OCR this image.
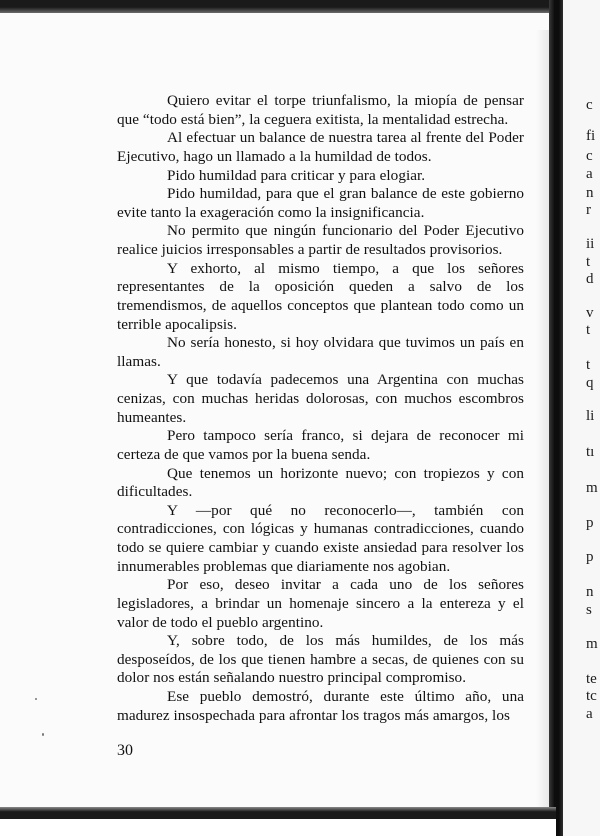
Quiero evitar el torpe triunfalismo, la miopía de pensar que “todo está bien”, la ceguera exitista, la mentalidad estrecha.

Al efectuar un balance de nuestra tarea al frente del Poder Ejecutivo, hago un llamado a la humildad de todos.

Pido humildad para criticar y para elogiar.

Pido humildad, para que el gran balance de este gobierno evite tanto la exageración como la insignificancia.

No permito que ningún funcionario del Poder Ejecutivo realice juicios irresponsables a partir de resultados provisorios.

Y exhorto, al mismo tiempo, a que los señores representantes de la oposición queden a salvo de los tremendismos, de aquellos conceptos que plantean todo como un terrible apocalipsis.

No sería honesto, si hoy olvidara que tuvimos un país en llamas.

Y que todavía padecemos una Argentina con muchas cenizas, con muchas heridas dolorosas, con muchos escombros humeantes.

Pero tampoco sería franco, si dejara de reconocer mi certeza de que vamos por la buena senda.

Que tenemos un horizonte nuevo; con tropiezos y con dificultades.

Y —por qué no reconocerlo—, también con contradicciones, con lógicas y humanas contradicciones, cuando todo se quiere cambiar y cuando existe ansiedad para resolver los innumerables problemas que diariamente nos agobian.

Por eso, deseo invitar a cada uno de los señores legisladores, a brindar un homenaje sincero a la entereza y el valor de todo el pueblo argentino.

Y, sobre todo, de los más humildes, de los más desposeídos, de los que tienen hambre a secas, de quienes con su dolor nos están señalando nuestro principal compromiso.

Ese pueblo demostró, durante este último año, una madurez insospechada para afrontar los tragos más amargos, los

30
c
fi
c
a
n
r
ii
t
d
v
t
t
q
li
tı
m
p
p
n
s
m
te
tc
a
